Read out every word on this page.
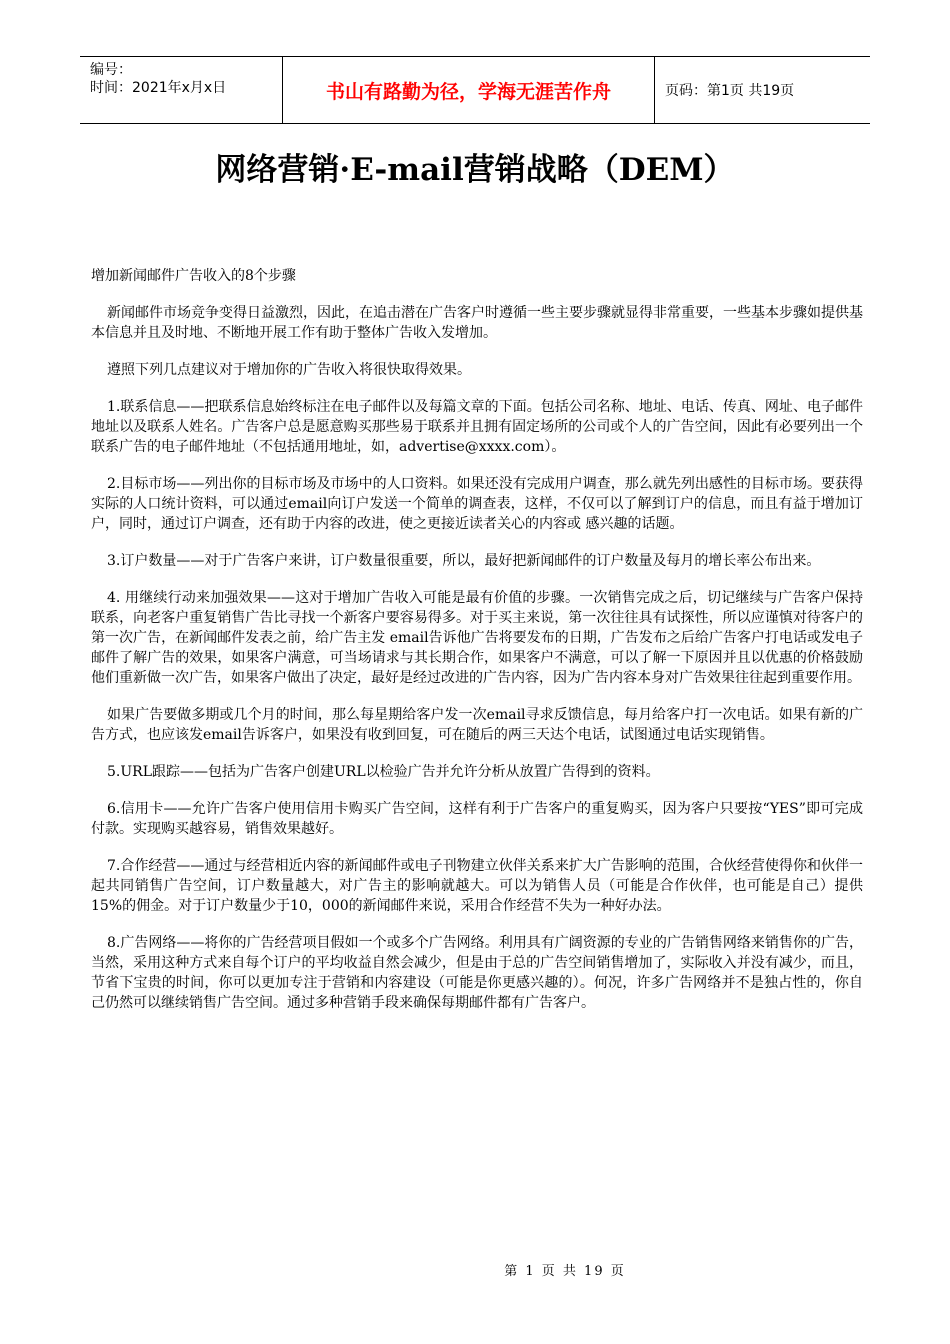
编号：
时间：2021年x月x日	书山有路勤为径，学海无涯苦作舟	页码：第1页 共19页
网络营销·E-mail营销战略（DEM）

增加新闻邮件广告收入的8个步骤

新闻邮件市场竞争变得日益激烈，因此，在追击潜在广告客户时遵循一些主要步骤就显得非常重要，一些基本步骤如提供基本信息并且及时地、不断地开展工作有助于整体广告收入发增加。

遵照下列几点建议对于增加你的广告收入将很快取得效果。

1.联系信息——把联系信息始终标注在电子邮件以及每篇文章的下面。包括公司名称、地址、电话、传真、网址、电子邮件地址以及联系人姓名。广告客户总是愿意购买那些易于联系并且拥有固定场所的公司或个人的广告空间，因此有必要列出一个联系广告的电子邮件地址（不包括通用地址，如，advertise@xxxx.com）。

2.目标市场——列出你的目标市场及市场中的人口资料。如果还没有完成用户调查，那么就先列出感性的目标市场。要获得实际的人口统计资料，可以通过email向订户发送一个简单的调查表，这样，不仅可以了解到订户的信息，而且有益于增加订户，同时，通过订户调查，还有助于内容的改进，使之更接近读者关心的内容或 感兴趣的话题。

3.订户数量——对于广告客户来讲，订户数量很重要，所以，最好把新闻邮件的订户数量及每月的增长率公布出来。

4. 用继续行动来加强效果——这对于增加广告收入可能是最有价值的步骤。一次销售完成之后，切记继续与广告客户保持联系，向老客户重复销售广告比寻找一个新客户要容易得多。对于买主来说，第一次往往具有试探性，所以应谨慎对待客户的第一次广告，在新闻邮件发表之前，给广告主发 email告诉他广告将要发布的日期，广告发布之后给广告客户打电话或发电子邮件了解广告的效果，如果客户满意，可当场请求与其长期合作，如果客户不满意，可以了解一下原因并且以优惠的价格鼓励他们重新做一次广告，如果客户做出了决定，最好是经过改进的广告内容，因为广告内容本身对广告效果往往起到重要作用。

如果广告要做多期或几个月的时间，那么每星期给客户发一次email寻求反馈信息，每月给客户打一次电话。如果有新的广告方式，也应该发email告诉客户，如果没有收到回复，可在随后的两三天达个电话，试图通过电话实现销售。

5.URL跟踪——包括为广告客户创建URL以检验广告并允许分析从放置广告得到的资料。

6.信用卡——允许广告客户使用信用卡购买广告空间，这样有利于广告客户的重复购买，因为客户只要按“YES”即可完成付款。实现购买越容易，销售效果越好。

7.合作经营——通过与经营相近内容的新闻邮件或电子刊物建立伙伴关系来扩大广告影响的范围，合伙经营使得你和伙伴一起共同销售广告空间，订户数量越大，对广告主的影响就越大。可以为销售人员（可能是合作伙伴，也可能是自己）提供15%的佣金。对于订户数量少于10，000的新闻邮件来说，采用合作经营不失为一种好办法。

8.广告网络——将你的广告经营项目假如一个或多个广告网络。利用具有广阔资源的专业的广告销售网络来销售你的广告，当然，采用这种方式来自每个订户的平均收益自然会减少，但是由于总的广告空间销售增加了，实际收入并没有减少，而且，节省下宝贵的时间，你可以更加专注于营销和内容建设（可能是你更感兴趣的）。何况，许多广告网络并不是独占性的，你自己仍然可以继续销售广告空间。通过多种营销手段来确保每期邮件都有广告客户。

第 1 页 共 19 页
